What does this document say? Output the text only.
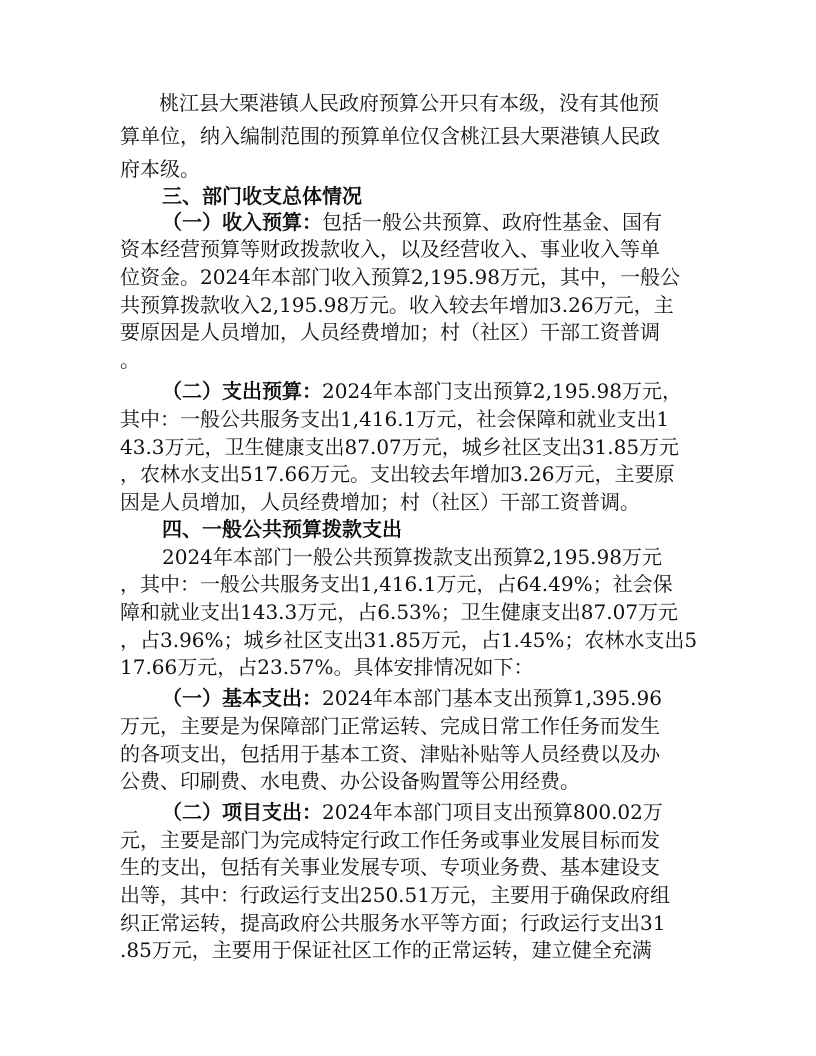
桃江县大栗港镇人民政府预算公开只有本级，没有其他预
算单位，纳入编制范围的预算单位仅含桃江县大栗港镇人民政
府本级。
三、部门收支总体情况
（一）收入预算：包括一般公共预算、政府性基金、国有
资本经营预算等财政拨款收入，以及经营收入、事业收入等单
位资金。2024年本部门收入预算2,195.98万元，其中，一般公
共预算拨款收入2,195.98万元。收入较去年增加3.26万元，主
要原因是人员增加，人员经费增加；村（社区）干部工资普调
。
（二）支出预算：2024年本部门支出预算2,195.98万元，
其中：一般公共服务支出1,416.1万元，社会保障和就业支出1
43.3万元，卫生健康支出87.07万元，城乡社区支出31.85万元
，农林水支出517.66万元。支出较去年增加3.26万元，主要原
因是人员增加，人员经费增加；村（社区）干部工资普调。
四、一般公共预算拨款支出
2024年本部门一般公共预算拨款支出预算2,195.98万元
，其中：一般公共服务支出1,416.1万元，占64.49%；社会保
障和就业支出143.3万元，占6.53%；卫生健康支出87.07万元
，占3.96%；城乡社区支出31.85万元，占1.45%；农林水支出5
17.66万元，占23.57%。具体安排情况如下：
（一）基本支出：2024年本部门基本支出预算1,395.96
万元，主要是为保障部门正常运转、完成日常工作任务而发生
的各项支出，包括用于基本工资、津贴补贴等人员经费以及办
公费、印刷费、水电费、办公设备购置等公用经费。
（二）项目支出：2024年本部门项目支出预算800.02万
元，主要是部门为完成特定行政工作任务或事业发展目标而发
生的支出，包括有关事业发展专项、专项业务费、基本建设支
出等，其中：行政运行支出250.51万元，主要用于确保政府组
织正常运转，提高政府公共服务水平等方面；行政运行支出31
.85万元，主要用于保证社区工作的正常运转，建立健全充满
